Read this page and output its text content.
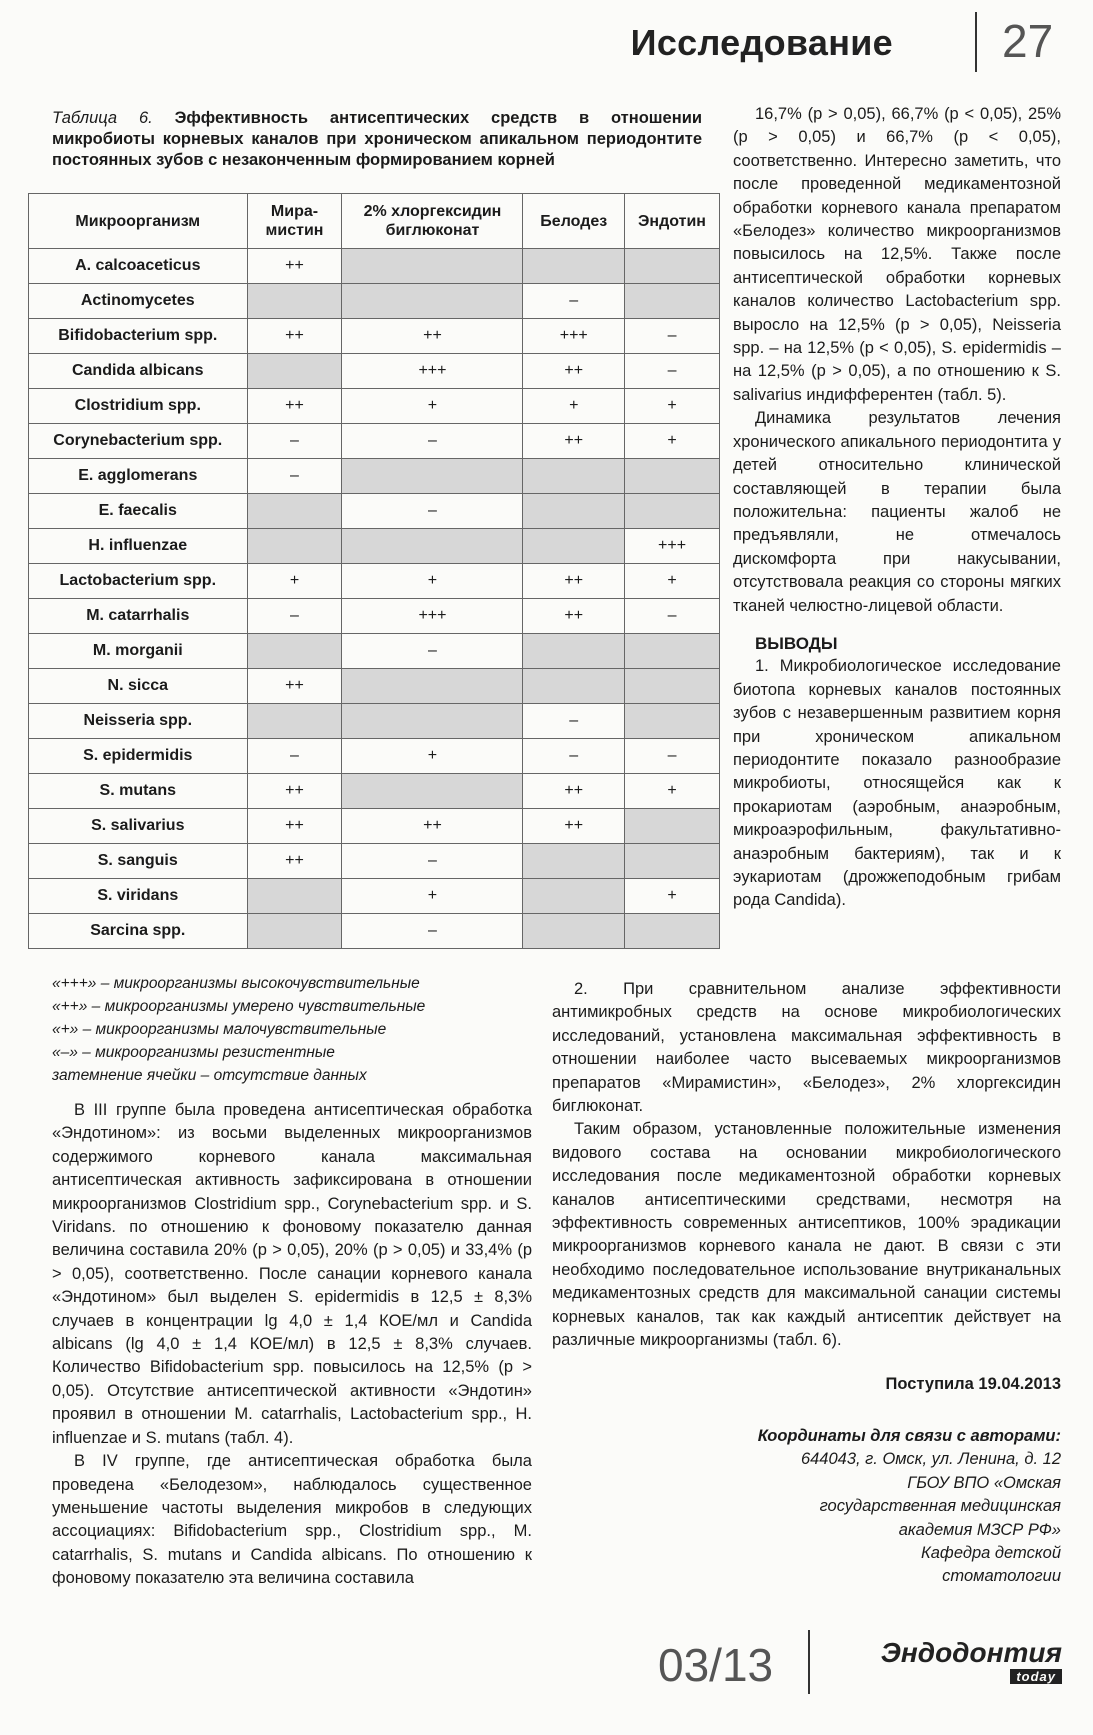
Исследование 27
Таблица 6. Эффективность антисептических средств в отношении микробиоты корневых каналов при хроническом апикальном периодонтите постоянных зубов с незаконченным формированием корней
Микроорганизм	Мира- мистин	2% хлоргексидин биглюконат	Белодез	Эндотин
A. calcoaceticus	++			
Actinomycetes			–	
Bifidobacterium spp.	++	++	+++	–
Candida albicans		+++	++	–
Clostridium spp.	++	+	+	+
Corynebacterium spp.	–	–	++	+
E. agglomerans	–			
E. faecalis		–		
H. influenzae				+++
Lactobacterium spp.	+	+	++	+
M. catarrhalis	–	+++	++	–
M. morganii		–		
N. sicca	++			
Neisseria spp.			–	
S. epidermidis	–	+	–	–
S. mutans	++		++	+
S. salivarius	++	++	++	
S. sanguis	++	–		
S. viridans		+		+
Sarcina spp.		–		
«+++» – микроорганизмы высокочувствительные
«++» – микроорганизмы умерено чувствительные
«+» – микроорганизмы малочувствительные
«–» – микроорганизмы резистентные
затемнение ячейки – отсутствие данных

В III группе была проведена антисептическая обработка «Эндотином»: из восьми выделенных микроорганизмов содержимого корневого канала максимальная антисептическая активность зафиксирована в отношении микроорганизмов Clostridium spp., Corynebacterium spp. и S. Viridans. по отношению к фоновому показателю данная величина составила 20% (р > 0,05), 20% (р > 0,05) и 33,4% (р > 0,05), соответственно. После санации корневого канала «Эндотином» был выделен S. epidermidis в 12,5 ± 8,3% случаев в концентрации lg 4,0 ± 1,4 КОЕ/мл и Candida albicans (lg 4,0 ± 1,4 КОЕ/мл) в 12,5 ± 8,3% случаев. Количество Bifidobacterium spp. повысилось на 12,5% (р > 0,05). Отсутствие антисептической активности «Эндотин» проявил в отношении M. catarrhalis, Lactobacterium spp., H. influenzae и S. mutans (табл. 4).

В IV группе, где антисептическая обработка была проведена «Белодезом», наблюдалось существенное уменьшение частоты выделения микробов в следующих ассоциациях: Bifidobacterium spp., Clostridium spp., M. catarrhalis, S. mutans и Candida albicans. По отношению к фоновому показателю эта величина составила

16,7% (р > 0,05), 66,7% (р < 0,05), 25% (р > 0,05) и 66,7% (р < 0,05), соответственно. Интересно заметить, что после проведенной медикаментозной обработки корневого канала препаратом «Белодез» количество микроорганизмов повысилось на 12,5%. Также после антисептической обработки корневых каналов количество Lactobacterium spp. выросло на 12,5% (р > 0,05), Neisseria spp. – на 12,5% (р < 0,05), S. epidermidis – на 12,5% (р > 0,05), а по отношению к S. salivarius индифферентен (табл. 5).

Динамика результатов лечения хронического апикального периодонтита у детей относительно клинической составляющей в терапии была положительна: пациенты жалоб не предъявляли, не отмечалось дискомфорта при накусывании, отсутствовала реакция со стороны мягких тканей челюстно-лицевой области.

ВЫВОДЫ

1. Микробиологическое исследование биотопа корневых каналов постоянных зубов с незавершенным развитием корня при хроническом апикальном периодонтите показало разнообразие микробиоты, относящейся как к прокариотам (аэробным, анаэробным, микроаэрофильным, факультативно-анаэробным бактериям), так и к эукариотам (дрожжеподобным грибам рода Candida).

2. При сравнительном анализе эффективности антимикробных средств на основе микробиологических исследований, установлена максимальная эффективность в отношении наиболее часто высеваемых микроорганизмов препаратов «Мирамистин», «Белодез», 2% хлоргексидин биглюконат.

Таким образом, установленные положительные изменения видового состава на основании микробиологического исследования после медикаментозной обработки корневых каналов антисептическими средствами, несмотря на эффективность современных антисептиков, 100% эрадикации микроорганизмов корневого канала не дают. В связи с эти необходимо последовательное использование внутриканальных медикаментозных средств для максимальной санации системы корневых каналов, так как каждый антисептик действует на различные микроорганизмы (табл. 6).

Поступила 19.04.2013
Координаты для связи с авторами:
644043, г. Омск, ул. Ленина, д. 12
ГБОУ ВПО «Омская
государственная медицинская
академия МЗСР РФ»
Кафедра детской
стоматологии
03/13	Эндодонтия
today
